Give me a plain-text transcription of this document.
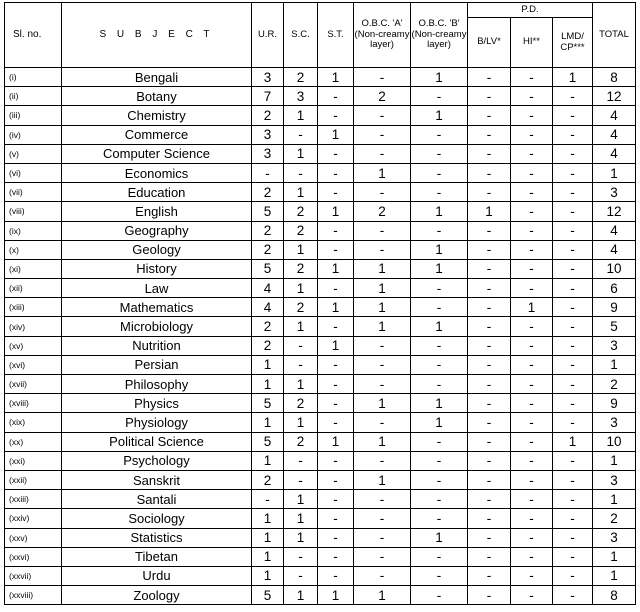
Sl. no.	S U B J E C T	U.R.	S.C.	S.T.	O.B.C. 'A' (Non-creamy layer)	O.B.C. 'B' (Non-creamy layer)	P.D.			TOTAL
							B/LV*	HI**	LMD/ CP***	
(i)	Bengali	3	2	1	-	1	-	-	1	8
(ii)	Botany	7	3	-	2	-	-	-	-	12
(iii)	Chemistry	2	1	-	-	1	-	-	-	4
(iv)	Commerce	3	-	1	-	-	-	-	-	4
(v)	Computer Science	3	1	-	-	-	-	-	-	4
(vi)	Economics	-	-	-	1	-	-	-	-	1
(vii)	Education	2	1	-	-	-	-	-	-	3
(viii)	English	5	2	1	2	1	1	-	-	12
(ix)	Geography	2	2	-	-	-	-	-	-	4
(x)	Geology	2	1	-	-	1	-	-	-	4
(xi)	History	5	2	1	1	1	-	-	-	10
(xii)	Law	4	1	-	1	-	-	-	-	6
(xiii)	Mathematics	4	2	1	1	-	-	1	-	9
(xiv)	Microbiology	2	1	-	1	1	-	-	-	5
(xv)	Nutrition	2	-	1	-	-	-	-	-	3
(xvi)	Persian	1	-	-	-	-	-	-	-	1
(xvii)	Philosophy	1	1	-	-	-	-	-	-	2
(xviii)	Physics	5	2	-	1	1	-	-	-	9
(xix)	Physiology	1	1	-	-	1	-	-	-	3
(xx)	Political Science	5	2	1	1	-	-	-	1	10
(xxi)	Psychology	1	-	-	-	-	-	-	-	1
(xxii)	Sanskrit	2	-	-	1	-	-	-	-	3
(xxiii)	Santali	-	1	-	-	-	-	-	-	1
(xxiv)	Sociology	1	1	-	-	-	-	-	-	2
(xxv)	Statistics	1	1	-	-	1	-	-	-	3
(xxvi)	Tibetan	1	-	-	-	-	-	-	-	1
(xxvii)	Urdu	1	-	-	-	-	-	-	-	1
(xxviii)	Zoology	5	1	1	1	-	-	-	-	8
